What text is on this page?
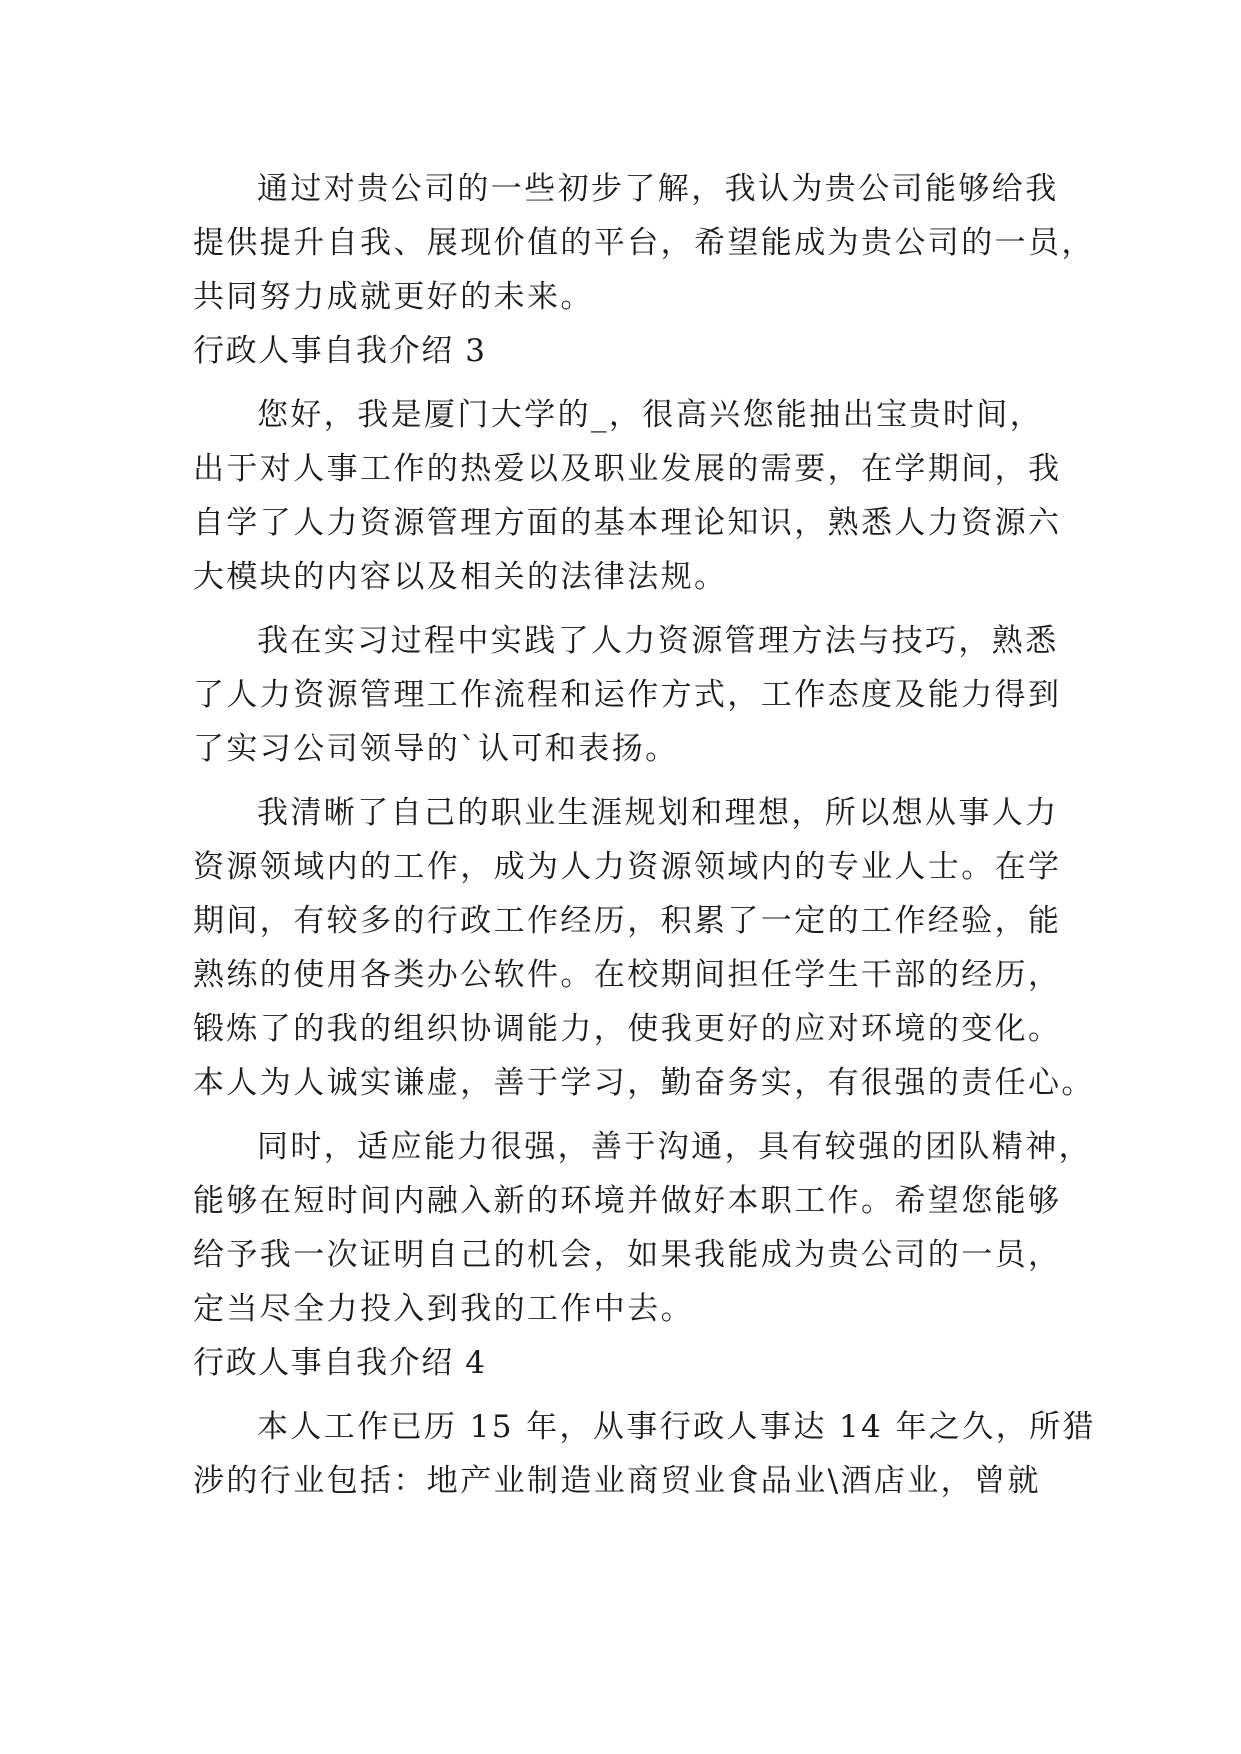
通过对贵公司的一些初步了解，我认为贵公司能够给我
提供提升自我、展现价值的平台，希望能成为贵公司的一员，
共同努力成就更好的未来。
行政人事自我介绍 3
您好，我是厦门大学的_，很高兴您能抽出宝贵时间，
出于对人事工作的热爱以及职业发展的需要，在学期间，我
自学了人力资源管理方面的基本理论知识，熟悉人力资源六
大模块的内容以及相关的法律法规。
我在实习过程中实践了人力资源管理方法与技巧，熟悉
了人力资源管理工作流程和运作方式，工作态度及能力得到
了实习公司领导的`认可和表扬。
我清晰了自己的职业生涯规划和理想，所以想从事人力
资源领域内的工作，成为人力资源领域内的专业人士。在学
期间，有较多的行政工作经历，积累了一定的工作经验，能
熟练的使用各类办公软件。在校期间担任学生干部的经历，
锻炼了的我的组织协调能力，使我更好的应对环境的变化。
本人为人诚实谦虚，善于学习，勤奋务实，有很强的责任心。
同时，适应能力很强，善于沟通，具有较强的团队精神，
能够在短时间内融入新的环境并做好本职工作。希望您能够
给予我一次证明自己的机会，如果我能成为贵公司的一员，
定当尽全力投入到我的工作中去。
行政人事自我介绍 4
本人工作已历 15 年，从事行政人事达 14 年之久，所猎
涉的行业包括：地产业制造业商贸业食品业\酒店业，曾就
